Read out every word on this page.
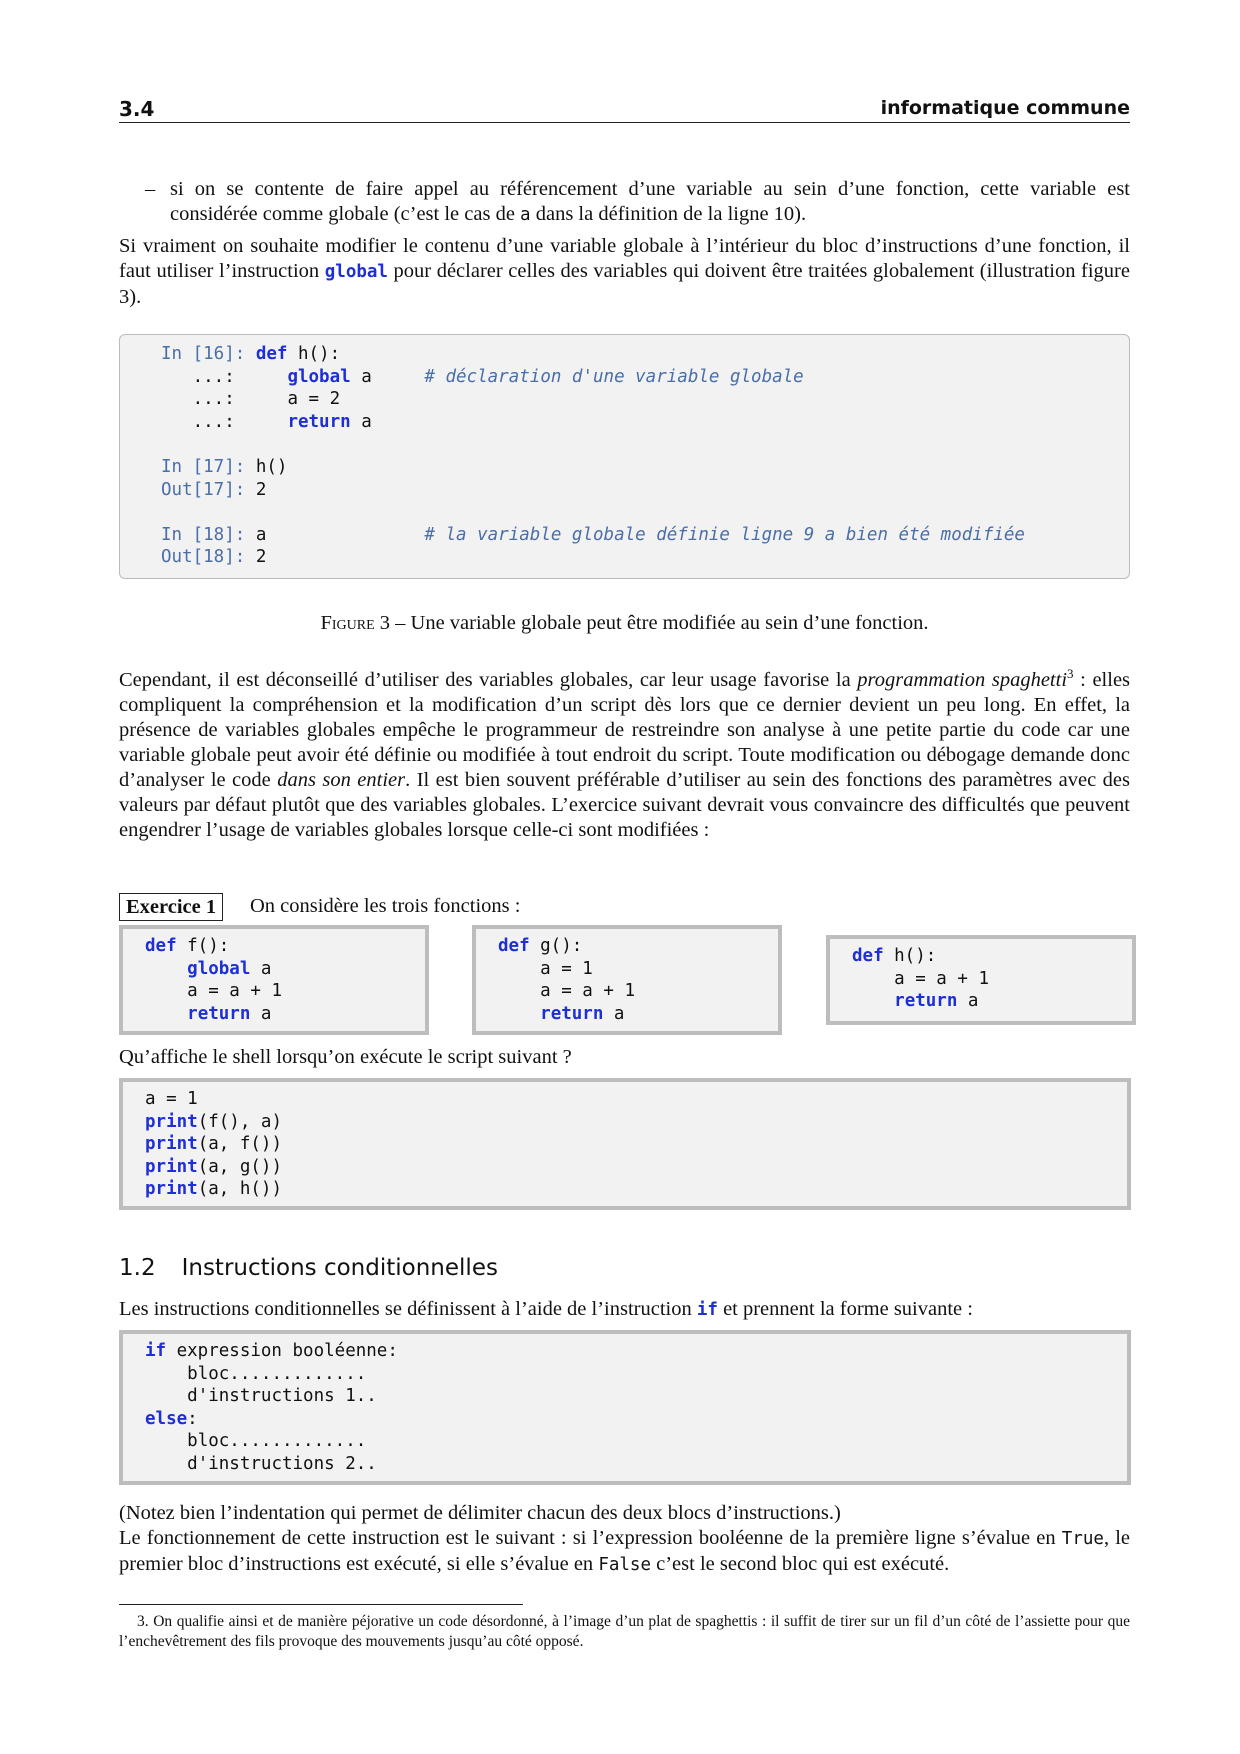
3.4	informatique commune
– si on se contente de faire appel au référencement d’une variable au sein d’une fonction, cette variable est
considérée comme globale (c’est le cas de a dans la définition de la ligne 10).
Si vraiment on souhaite modifier le contenu d’une variable globale à l’intérieur du bloc d’instructions d’une fonction, il faut utiliser l’instruction global pour déclarer celles des variables qui doivent être traitées globalement (illustration figure 3).
In [16]: def h():
...:     global a	# déclaration d'une variable globale
...:     a = 2
...:     return a
In [17]: h()
Out[17]: 2
In [18]: a	# la variable globale définie ligne 9 a bien été modifiée
Out[18]: 2
Figure 3 – Une variable globale peut être modifiée au sein d’une fonction.
Cependant, il est déconseillé d’utiliser des variables globales, car leur usage favorise la programmation spaghetti$^3$ : elles compliquent la compréhension et la modification d’un script dès lors que ce dernier devient un peu long. En effet, la présence de variables globales empêche le programmeur de restreindre son analyse à une petite partie du code car une variable globale peut avoir été définie ou modifiée à tout endroit du script. Toute modification ou débogage demande donc d’analyser le code dans son entier. Il est bien souvent préférable d’utiliser au sein des fonctions des paramètres avec des valeurs par défaut plutôt que des variables globales. L’exercice suivant devrait vous convaincre des difficultés que peuvent engendrer l’usage de variables globales lorsque celle-ci sont modifiées :
Exercice 1	On considère les trois fonctions :
def f():
global a
a = a + 1
return a
def g():
a = 1
a = a + 1
return a
def h():
a = a + 1
return a
Qu’affiche le shell lorsqu’on exécute le script suivant ?
a = 1
print(f(), a)
print(a, f())
print(a, g())
print(a, h())
1.2 Instructions conditionnelles
Les instructions conditionnelles se définissent à l’aide de l’instruction if et prennent la forme suivante :
if expression booléenne:
bloc.............
d'instructions 1..
else:
bloc.............
d'instructions 2..
(Notez bien l’indentation qui permet de délimiter chacun des deux blocs d’instructions.)
Le fonctionnement de cette instruction est le suivant : si l’expression booléenne de la première ligne s’évalue en True, le premier bloc d’instructions est exécuté, si elle s’évalue en False c’est le second bloc qui est exécuté.
3. On qualifie ainsi et de manière péjorative un code désordonné, à l’image d’un plat de spaghettis : il suffit de tirer sur un fil d’un côté de l’assiette pour que l’enchevêtrement des fils provoque des mouvements jusqu’au côté opposé.
